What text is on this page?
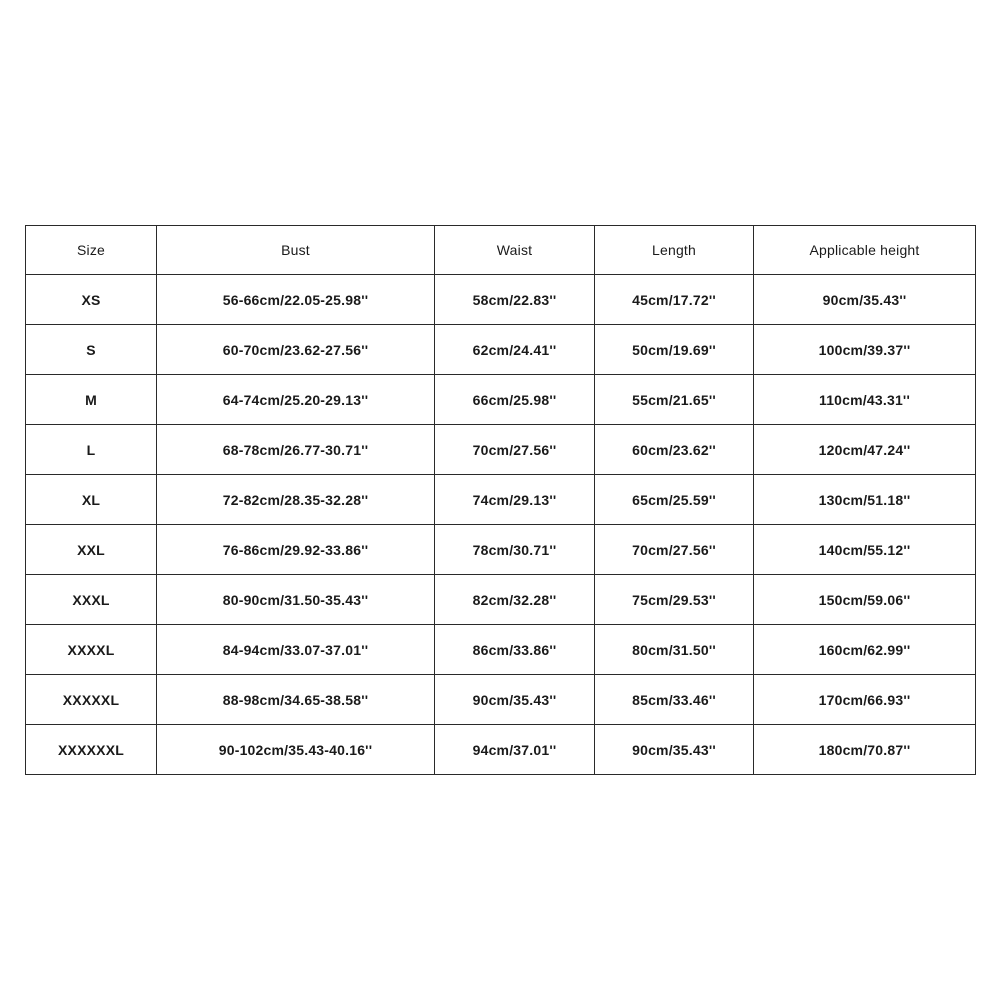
Size	Bust	Waist	Length	Applicable height
XS	56-66cm/22.05-25.98''	58cm/22.83''	45cm/17.72''	90cm/35.43''
S	60-70cm/23.62-27.56''	62cm/24.41''	50cm/19.69''	100cm/39.37''
M	64-74cm/25.20-29.13''	66cm/25.98''	55cm/21.65''	110cm/43.31''
L	68-78cm/26.77-30.71''	70cm/27.56''	60cm/23.62''	120cm/47.24''
XL	72-82cm/28.35-32.28''	74cm/29.13''	65cm/25.59''	130cm/51.18''
XXL	76-86cm/29.92-33.86''	78cm/30.71''	70cm/27.56''	140cm/55.12''
XXXL	80-90cm/31.50-35.43''	82cm/32.28''	75cm/29.53''	150cm/59.06''
XXXXL	84-94cm/33.07-37.01''	86cm/33.86''	80cm/31.50''	160cm/62.99''
XXXXXL	88-98cm/34.65-38.58''	90cm/35.43''	85cm/33.46''	170cm/66.93''
XXXXXXL	90-102cm/35.43-40.16''	94cm/37.01''	90cm/35.43''	180cm/70.87''
